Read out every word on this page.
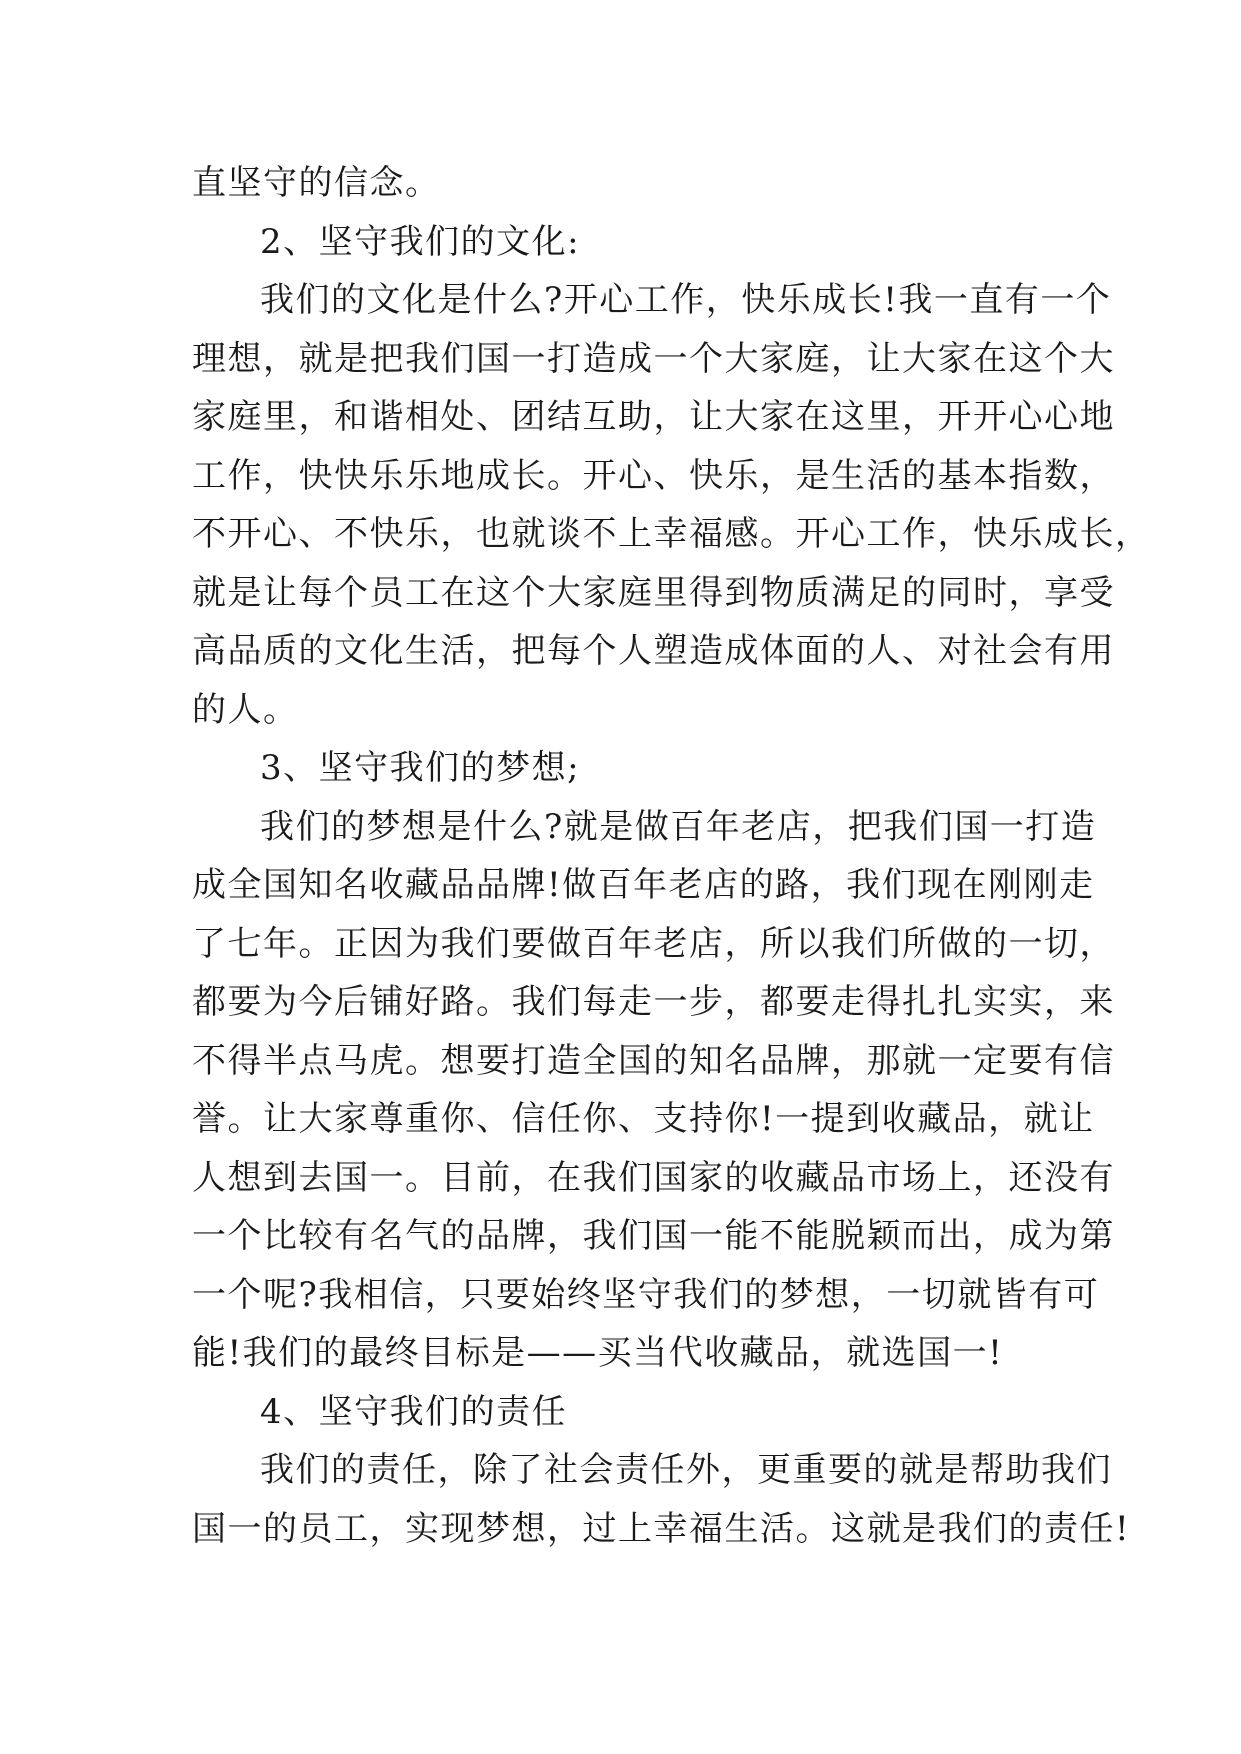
直坚守的信念。
2、坚守我们的文化:
我们的文化是什么?开心工作，快乐成长!我一直有一个
理想，就是把我们国一打造成一个大家庭，让大家在这个大
家庭里，和谐相处、团结互助，让大家在这里，开开心心地
工作，快快乐乐地成长。开心、快乐，是生活的基本指数，
不开心、不快乐，也就谈不上幸福感。开心工作，快乐成长，
就是让每个员工在这个大家庭里得到物质满足的同时，享受
高品质的文化生活，把每个人塑造成体面的人、对社会有用
的人。
3、坚守我们的梦想;
我们的梦想是什么?就是做百年老店，把我们国一打造
成全国知名收藏品品牌!做百年老店的路，我们现在刚刚走
了七年。正因为我们要做百年老店，所以我们所做的一切，
都要为今后铺好路。我们每走一步，都要走得扎扎实实，来
不得半点马虎。想要打造全国的知名品牌，那就一定要有信
誉。让大家尊重你、信任你、支持你!一提到收藏品，就让
人想到去国一。目前，在我们国家的收藏品市场上，还没有
一个比较有名气的品牌，我们国一能不能脱颖而出，成为第
一个呢?我相信，只要始终坚守我们的梦想，一切就皆有可
能!我们的最终目标是——买当代收藏品，就选国一!
4、坚守我们的责任
我们的责任，除了社会责任外，更重要的就是帮助我们
国一的员工，实现梦想，过上幸福生活。这就是我们的责任!
